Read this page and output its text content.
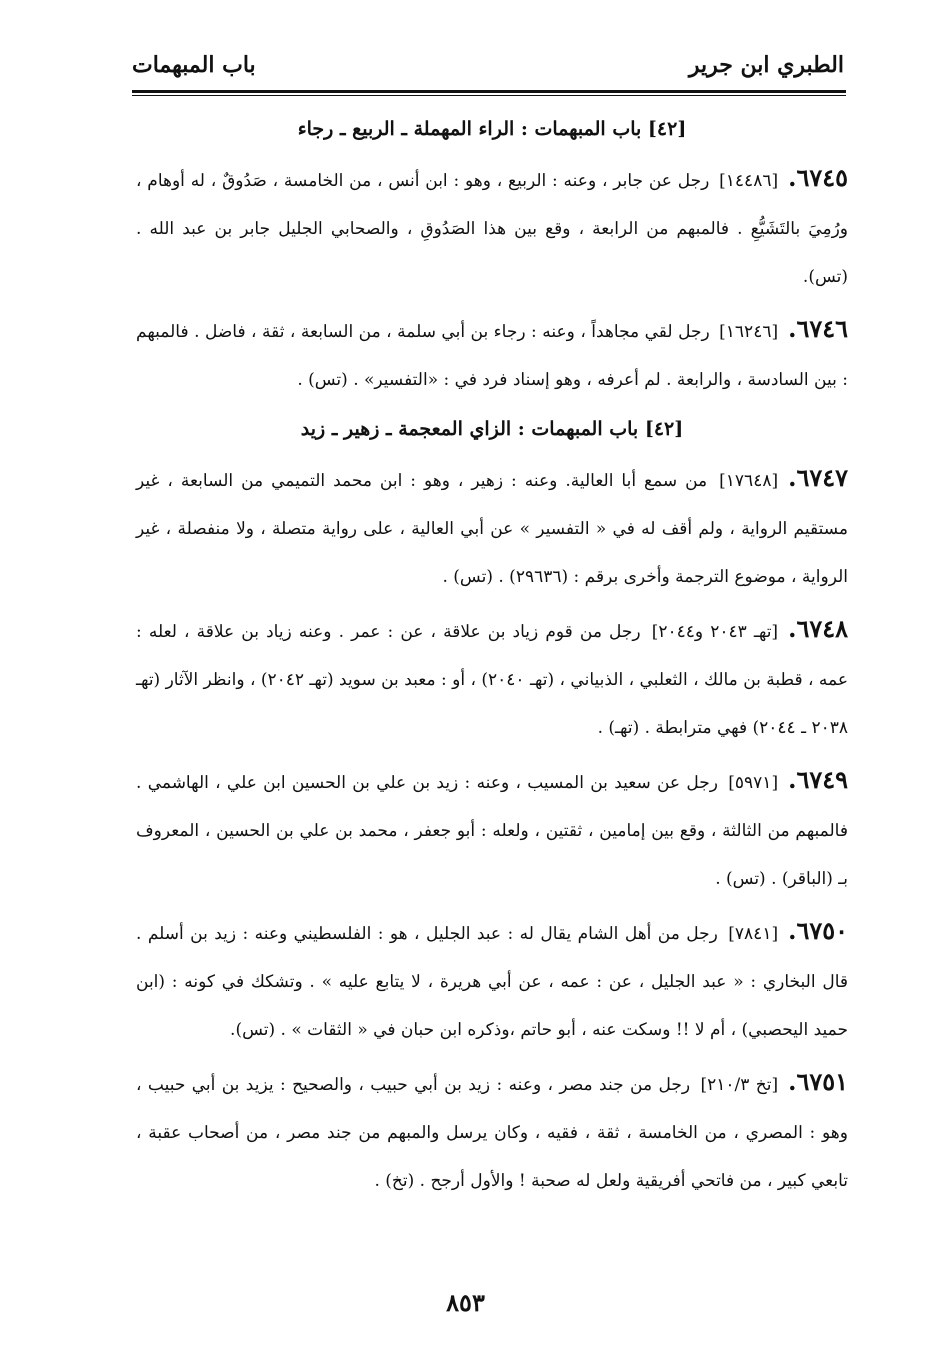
الطبري ابن جرير
باب المبهمات
[٤٢] باب المبهمات : الراء المهملة ـ الربيع ـ رجاء

٦٧٤٥.[١٤٤٨٦] رجل عن جابر ، وعنه : الربيع ، وهو : ابن أنس ، من الخامسة ، صَدُوقٌ ، له أوهام ، ورُمِيَ بالتَشَيُّعِ . فالمبهم من الرابعة ، وقع بين هذا الصَدُوقِ ، والصحابي الجليل جابر بن عبد الله . (تس).

٦٧٤٦.[١٦٢٤٦] رجل لقي مجاهداً ، وعنه : رجاء بن أبي سلمة ، من السابعة ، ثقة ، فاضل . فالمبهم : بين السادسة ، والرابعة . لم أعرفه ، وهو إسناد فرد في : «التفسير» . (تس) .

[٤٢] باب المبهمات : الزاي المعجمة ـ زهير ـ زيد

٦٧٤٧.[١٧٦٤٨] من سمع أبا العالية. وعنه : زهير ، وهو : ابن محمد التميمي من السابعة ، غير مستقيم الرواية ، ولم أقف له في « التفسير » عن أبي العالية ، على رواية متصلة ، ولا منفصلة ، غير الرواية ، موضوع الترجمة وأخرى برقم : (٢٩٦٣٦) . (تس) .

٦٧٤٨.[تهـ ٢٠٤٣ و٢٠٤٤] رجل من قوم زياد بن علاقة ، عن : عمر . وعنه زياد بن علاقة ، لعله : عمه ، قطبة بن مالك ، الثعلبي ، الذبياني ، (تهـ ٢٠٤٠) ، أو : معبد بن سويد (تهـ ٢٠٤٢) ، وانظر الآثار (تهـ ٢٠٣٨ ـ ٢٠٤٤) فهي مترابطة . (تهـ) .

٦٧٤٩.[٥٩٧١] رجل عن سعيد بن المسيب ، وعنه : زيد بن علي بن الحسين ابن علي ، الهاشمي . فالمبهم من الثالثة ، وقع بين إمامين ، ثقتين ، ولعله : أبو جعفر ، محمد بن علي بن الحسين ، المعروف بـ (الباقر) . (تس) .

٦٧٥٠.[٧٨٤١] رجل من أهل الشام يقال له : عبد الجليل ، هو : الفلسطيني وعنه : زيد بن أسلم . قال البخاري : « عبد الجليل ، عن : عمه ، عن أبي هريرة ، لا يتابع عليه » . وتشكك في كونه : (ابن حميد اليحصبي) ، أم لا !! وسكت عنه ، أبو حاتم ،وذكره ابن حبان في « الثقات » . (تس).

٦٧٥١.[تخ ٢١٠/٣] رجل من جند مصر ، وعنه : زيد بن أبي حبيب ، والصحيح : يزيد بن أبي حبيب ، وهو : المصري ، من الخامسة ، ثقة ، فقيه ، وكان يرسل والمبهم من جند مصر ، من أصحاب عقبة ، تابعي كبير ، من فاتحي أفريقية ولعل له صحبة ! والأول أرجح . (تخ) .

٨٥٣
